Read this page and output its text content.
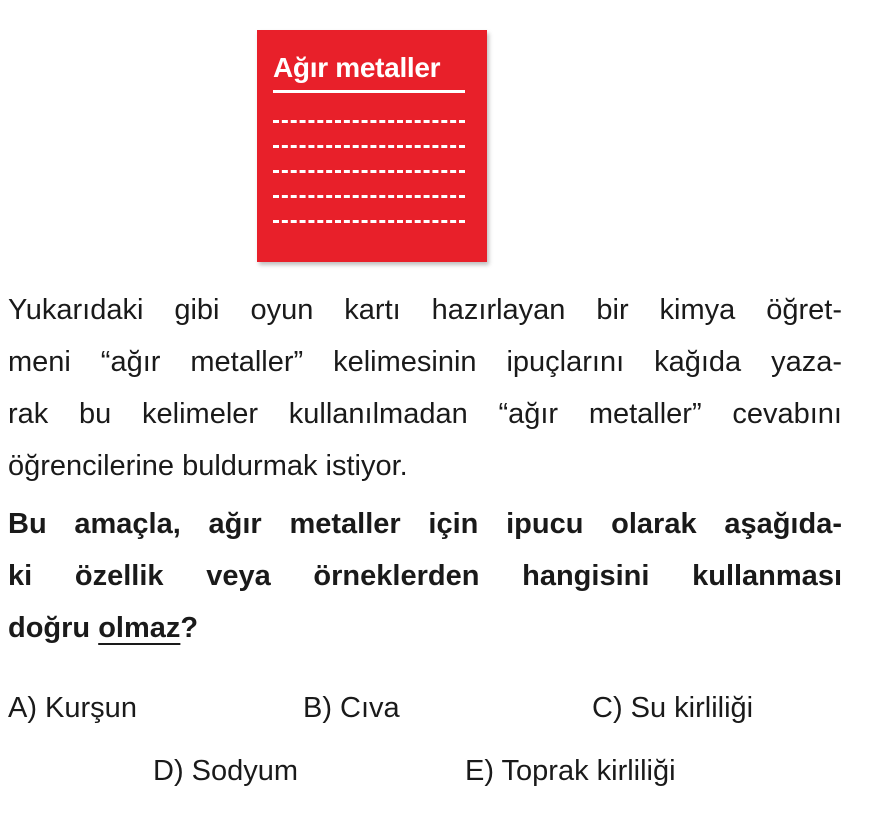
Ağır metaller
Yukarıdaki gibi oyun kartı hazırlayan bir kimya öğret-
meni “ağır metaller” kelimesinin ipuçlarını kağıda yaza-
rak bu kelimeler kullanılmadan “ağır metaller” cevabını
öğrencilerine buldurmak istiyor.
Bu amaçla, ağır metaller için ipucu olarak aşağıda-
ki özellik veya örneklerden hangisini kullanması
doğru olmaz?
A) Kurşun	B) Cıva	C) Su kirliliği
D) Sodyum	E) Toprak kirliliği
